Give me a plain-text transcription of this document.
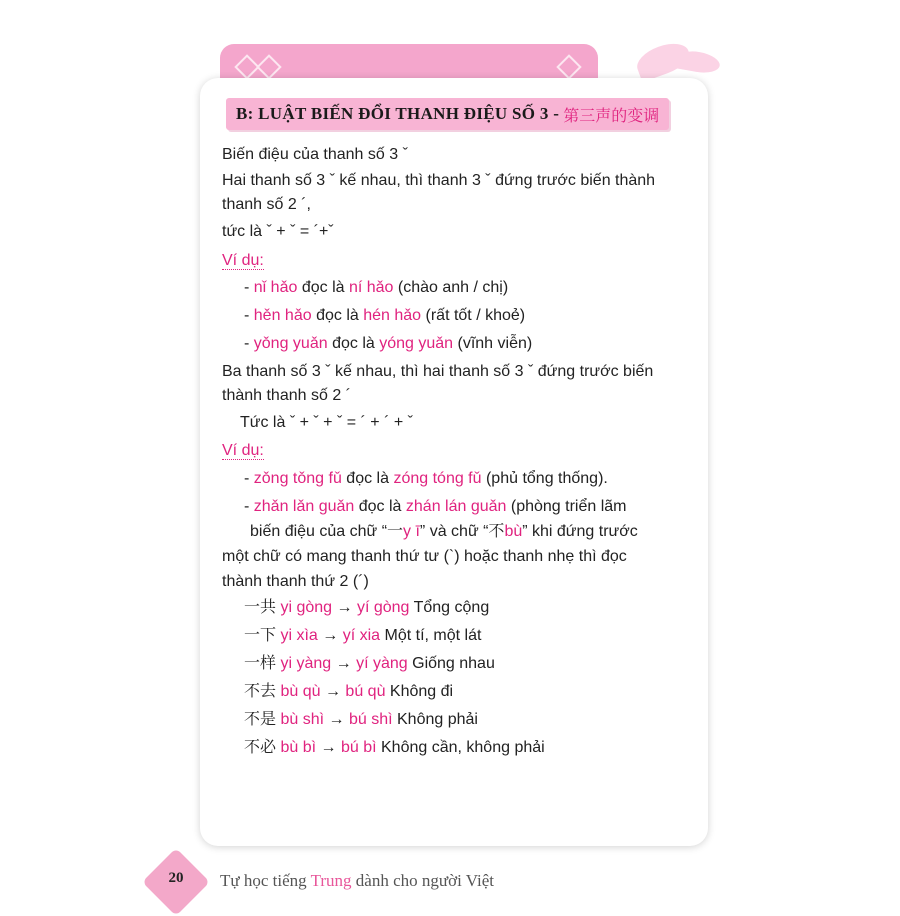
B: LUẬT BIẾN ĐỔI THANH ĐIỆU SỐ 3 - 第三声的变调
Biến điệu của thanh số 3 ˇ
Hai thanh số 3 ˇ kế nhau, thì thanh 3 ˇ đứng trước biến thành
thanh số 2 ´,
tức là ˇ + ˇ = ´+ˇ
Ví dụ:
- nǐ hǎo đọc là ní hǎo (chào anh / chị)
- hěn hǎo đọc là hén hǎo (rất tốt / khoẻ)
- yǒng yuǎn đọc là yóng yuǎn (vĩnh viễn)
Ba thanh số 3 ˇ kế nhau, thì hai thanh số 3 ˇ đứng trước biến
thành thanh số 2 ´
Tức là ˇ + ˇ + ˇ = ´ + ´ + ˇ
Ví dụ:
- zǒng tǒng fǔ đọc là zóng tóng fǔ (phủ tổng thống).
- zhǎn lǎn guǎn đọc là zhán lán guǎn (phòng triển lãm
biến điệu của chữ “一y ī” và chữ “不bù” khi đứng trước
một chữ có mang thanh thứ tư (`) hoặc thanh nhẹ thì đọc
thành thanh thứ 2 (´)
一共 yi gòng → yí gòng Tổng cộng
一下 yi xìa → yí xia Một tí, một lát
一样 yi yàng → yí yàng Giống nhau
不去 bù qù → bú qù Không đi
不是 bù shì → bú shì Không phải
不必 bù bì → bú bì Không cần, không phải
20	Tự học tiếng Trung dành cho người Việt
